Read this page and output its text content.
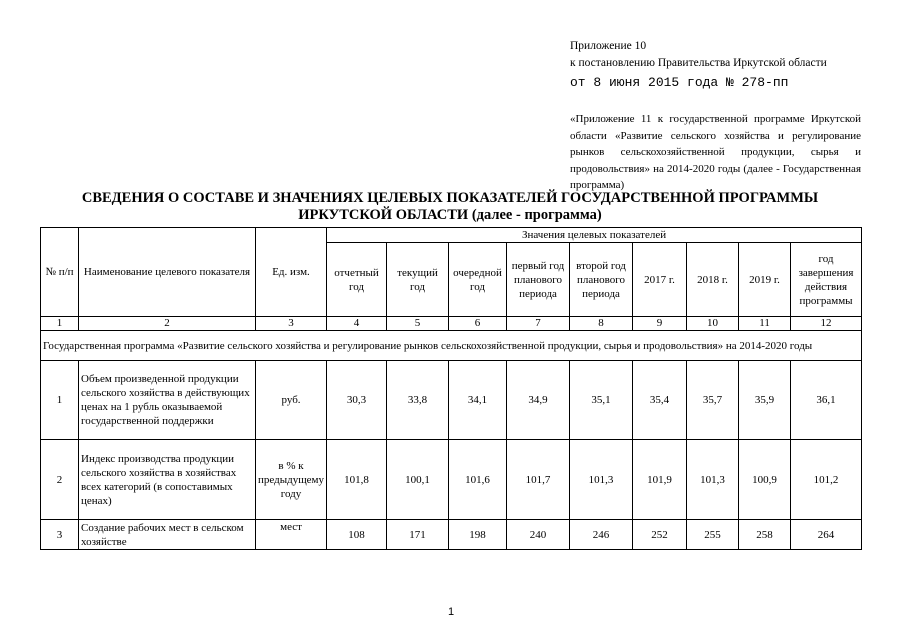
Приложение 10
к постановлению Правительства Иркутской области
от 8 июня 2015 года № 278-пп
«Приложение 11 к государственной программе Иркутской области «Развитие сельского хозяйства и регулирование рынков сельскохозяйственной продукции, сырья и продовольствия» на 2014-2020 годы (далее - Государственная программа)
СВЕДЕНИЯ О СОСТАВЕ И ЗНАЧЕНИЯХ ЦЕЛЕВЫХ ПОКАЗАТЕЛЕЙ ГОСУДАРСТВЕННОЙ ПРОГРАММЫ ИРКУТСКОЙ ОБЛАСТИ (далее - программа)
№ п/п	Наименование целевого показателя	Ед. изм.	Значения целевых показателей								
			отчетный год	текущий год	очередной год	первый год планового периода	второй год планового периода	2017 г.	2018 г.	2019 г.	год завершения действия программы
1	2	3	4	5	6	7	8	9	10	11	12
Государственная программа «Развитие сельского хозяйства и регулирование рынков сельскохозяйственной продукции, сырья и продовольствия» на 2014-2020 годы											
1	Объем произведенной продукции сельского хозяйства в действующих ценах на 1 рубль оказываемой государственной поддержки	руб.	30,3	33,8	34,1	34,9	35,1	35,4	35,7	35,9	36,1
2	Индекс производства продукции сельского хозяйства в хозяйствах всех категорий (в сопоставимых ценах)	в % к предыдущему году	101,8	100,1	101,6	101,7	101,3	101,9	101,3	100,9	101,2
3	Создание рабочих мест в сельском хозяйстве	мест	108	171	198	240	246	252	255	258	264
1
